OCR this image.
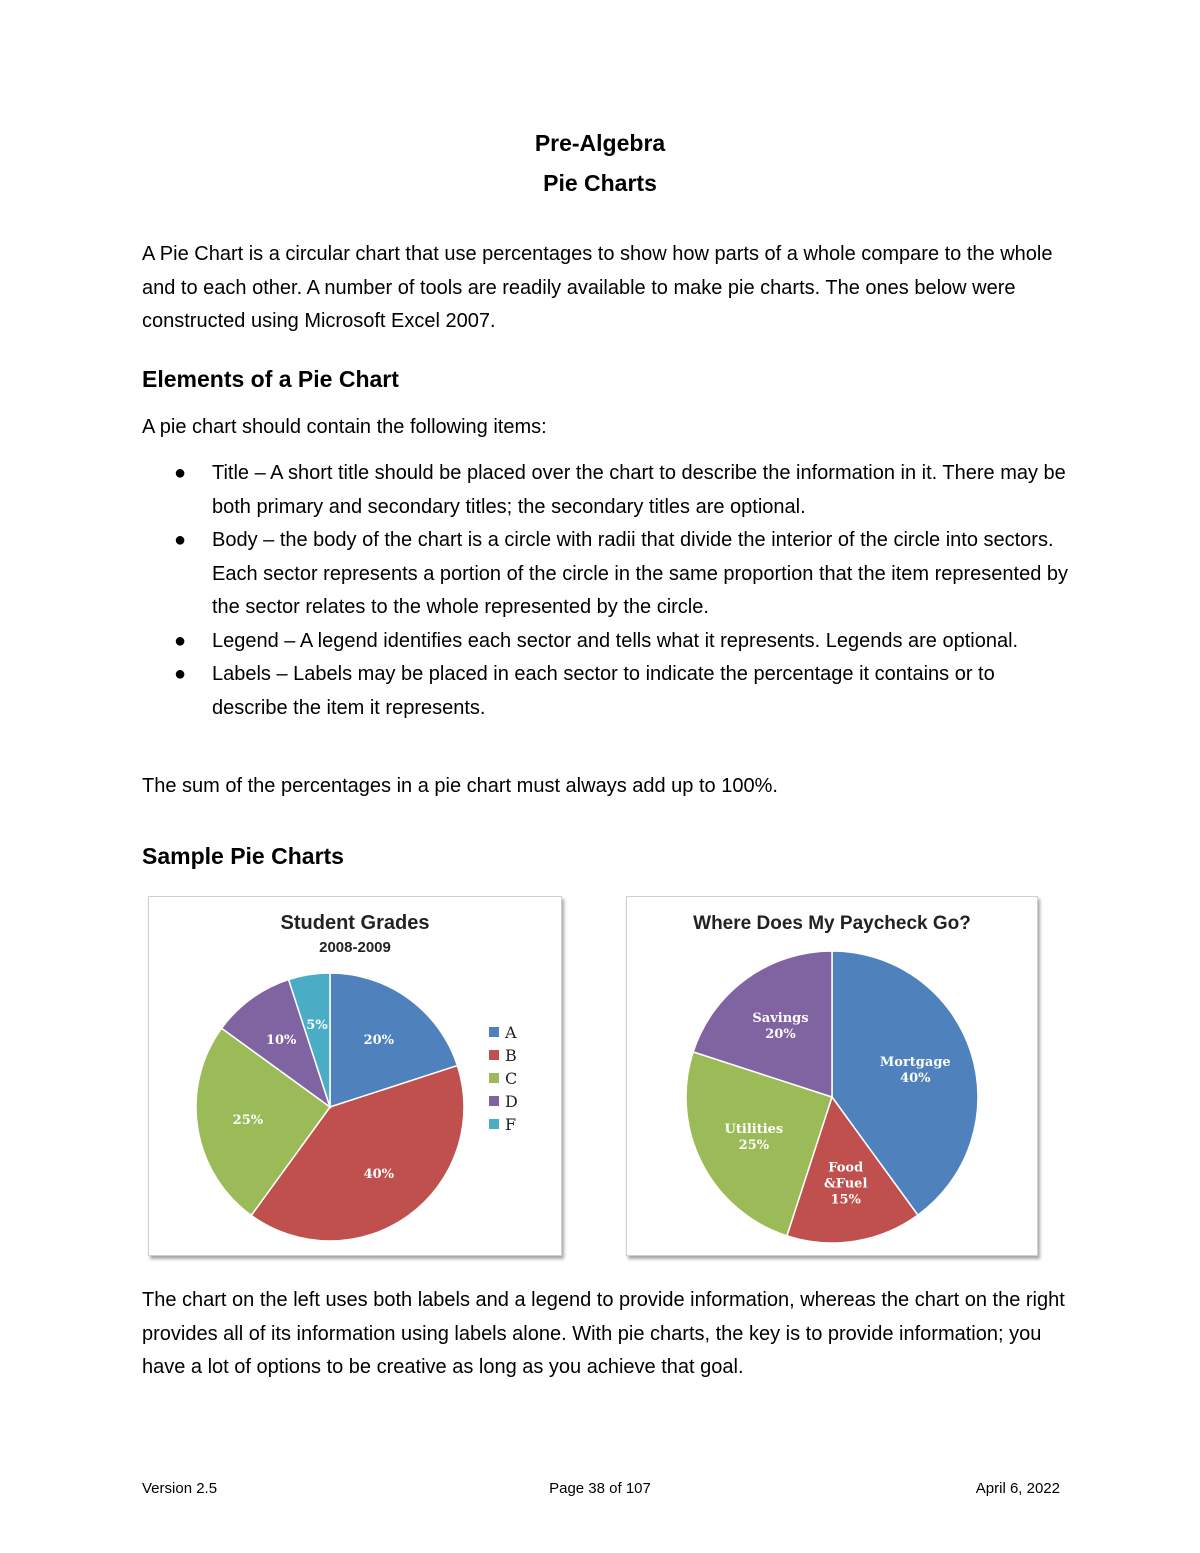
Pre-Algebra
Pie Charts

A Pie Chart is a circular chart that use percentages to show how parts of a whole compare to the whole and to each other. A number of tools are readily available to make pie charts. The ones below were constructed using Microsoft Excel 2007.

Elements of a Pie Chart

A pie chart should contain the following items:

● Title – A short title should be placed over the chart to describe the information in it. There may be both primary and secondary titles; the secondary titles are optional.
● Body – the body of the chart is a circle with radii that divide the interior of the circle into sectors. Each sector represents a portion of the circle in the same proportion that the item represented by the sector relates to the whole represented by the circle.
● Legend – A legend identifies each sector and tells what it represents. Legends are optional.
● Labels – Labels may be placed in each sector to indicate the percentage it contains or to describe the item it represents.

The sum of the percentages in a pie chart must always add up to 100%.

Sample Pie Charts
Student Grades
2008-2009
20%
40%
25%
10%
5%	A
B
C
D
F
Where Does My Paycheck Go?
Mortgage 40%
Food &Fuel 15%
Utilities 25%
Savings 20%

The chart on the left uses both labels and a legend to provide information, whereas the chart on the right provides all of its information using labels alone. With pie charts, the key is to provide information; you have a lot of options to be creative as long as you achieve that goal.

Version 2.5	Page 38 of 107	April 6, 2022
